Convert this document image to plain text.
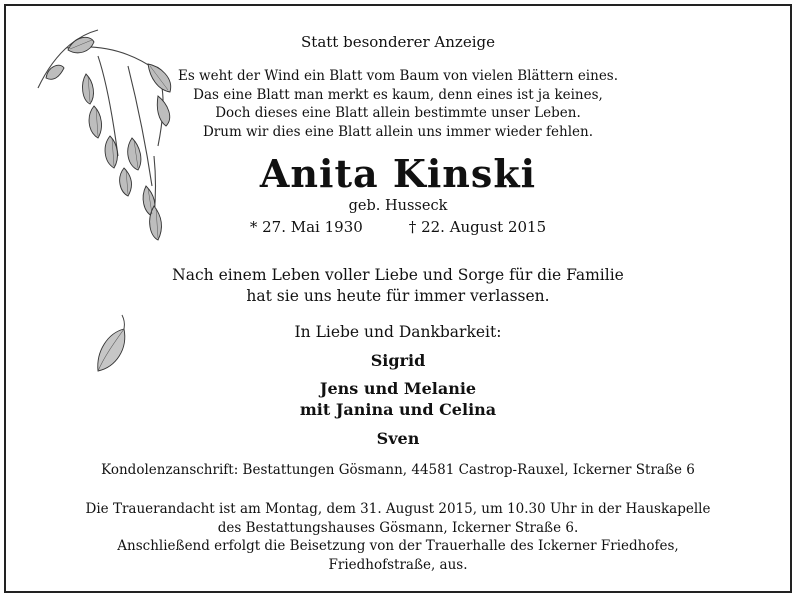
Statt besonderer Anzeige
Es weht der Wind ein Blatt vom Baum von vielen Blättern eines.
Das eine Blatt man merkt es kaum, denn eines ist ja keines,
Doch dieses eine Blatt allein bestimmte unser Leben.
Drum wir dies eine Blatt allein uns immer wieder fehlen.
Anita Kinski
geb. Husseck
* 27. Mai 1930	† 22. August 2015
Nach einem Leben voller Liebe und Sorge für die Familie
hat sie uns heute für immer verlassen.
In Liebe und Dankbarkeit:
Sigrid
Jens und Melanie
mit Janina und Celina
Sven
Kondolenzanschrift: Bestattungen Gösmann, 44581 Castrop-Rauxel, Ickerner Straße 6
Die Trauerandacht ist am Montag, dem 31. August 2015, um 10.30 Uhr in der Hauskapelle
des Bestattungshauses Gösmann, Ickerner Straße 6.
Anschließend erfolgt die Beisetzung von der Trauerhalle des Ickerner Friedhofes,
Friedhofstraße, aus.
